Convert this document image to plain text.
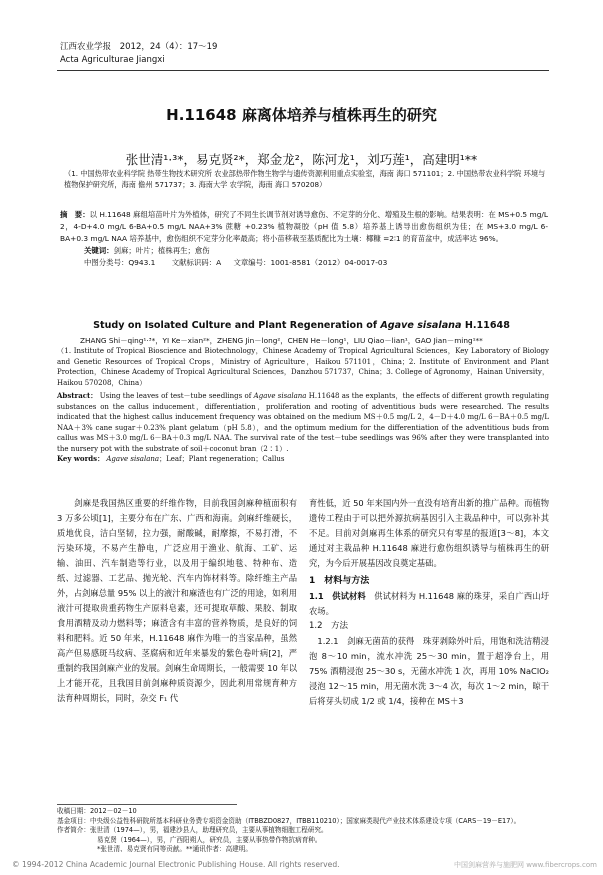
江西农业学报 2012，24（4）：17～19
Acta Agriculturae Jiangxi
H.11648 麻离体培养与植株再生的研究
张世清¹·³*，易克贤²*，郑金龙²，陈河龙¹，刘巧莲¹，高建明¹**
（1. 中国热带农业科学院 热带生物技术研究所 农业部热带作物生物学与遗传资源利用重点实验室，海南 海口 571101；2. 中国热带农业科学院 环境与植物保护研究所，海南 儋州 571737；3. 海南大学 农学院，海南 海口 570208）

摘　要：以 H.11648 麻组培苗叶片为外植体，研究了不同生长调节剂对诱导愈伤、不定芽的分化、增殖及生根的影响。结果表明：在 MS+0.5 mg/L 2，4-D+4.0 mg/L 6-BA+0.5 mg/L NAA+3% 蔗糖 +0.23% 植物凝胶（pH 值 5.8）培养基上诱导出愈伤组织为佳；在 MS+3.0 mg/L 6-BA+0.3 mg/L NAA 培养基中，愈伤组织不定芽分化率最高；将小苗移栽至基质配比为土壤：椰糠 =2∶1 的育苗盆中，成活率达 96%。

关键词：剑麻；叶片；植株再生；愈伤

中图分类号：Q943.1 文献标识码：A 文章编号：1001-8581（2012）04-0017-03

Study on Isolated Culture and Plant Regeneration of Agave sisalana H.11648
ZHANG Shi－qing¹·³*，YI Ke－xian²*，ZHENG Jin－long²，CHEN He－long¹，LIU Qiao－lian¹，GAO Jian－ming¹**
（1. Institute of Tropical Bioscience and Biotechnology，Chinese Academy of Tropical Agricultural Sciences，Key Laboratory of Biology and Genetic Resources of Tropical Crops，Ministry of Agriculture，Haikou 571101，China；2. Institute of Environment and Plant Protection，Chinese Academy of Tropical Agricultural Sciences，Danzhou 571737，China；3. College of Agronomy，Hainan University，Haikou 570208，China）

Abstract： Using the leaves of test－tube seedlings of Agave sisalana H.11648 as the explants，the effects of different growth regulating substances on the callus inducement，differentiation，proliferation and rooting of adventitious buds were researched. The results indicated that the highest callus inducement frequency was obtained on the medium MS＋0.5 mg/L 2，4－D＋4.0 mg/L 6－BA＋0.5 mg/L NAA＋3% cane sugar＋0.23% plant gelatum（pH 5.8），and the optimum medium for the differentiation of the adventitious buds from callus was MS＋3.0 mg/L 6－BA＋0.3 mg/L NAA. The survival rate of the test－tube seedlings was 96% after they were transplanted into the nursery pot with the substrate of soil＋coconut bran（2∶1）.

Key words： Agave sisalana；Leaf；Plant regeneration；Callus

　　剑麻是我国热区重要的纤维作物，目前我国剑麻种植面积有 3 万多公顷[1]，主要分布在广东、广西和海南。剑麻纤维硬长，质地优良，洁白坚韧，拉力强，耐酸碱，耐摩擦，不易打滑，不污染环境，不易产生静电，广泛应用于渔业、航海、工矿、运输、油田、汽车制造等行业，以及用于编织地毯、特种布、造纸、过滤器、工艺品、抛光轮、汽车内饰材料等。除纤维主产品外，占剑麻总量 95% 以上的液汁和麻渣也有广泛的用途，如利用液汁可提取贵重药物生产原料皂素，还可提取草酸、果胶、制取食用酒精及动力燃料等；麻渣含有丰富的营养物质，是良好的饲料和肥料。近 50 年来，H.11648 麻作为唯一的当家品种，虽然高产但易感斑马纹病、茎腐病和近年来暴发的紫色卷叶病[2]，严重制约我国剑麻产业的发展。剑麻生命周期长，一般需要 10 年以上才能开花，且我国目前剑麻种质资源少，因此利用常规育种方法育种周期长，同时，杂交 F₁ 代

育性低，近 50 年来国内外一直没有培育出新的推广品种。而植物遗传工程由于可以把外源抗病基因引入主栽品种中，可以弥补其不足。目前对剑麻再生体系的研究只有零星的报道[3～8]，本文通过对主栽品种 H.11648 麻进行愈伤组织诱导与植株再生的研究，为今后开展基因改良奠定基础。

1　材料与方法

1.1　供试材料　 供试材料为 H.11648 麻的珠芽，采自广西山圩农场。

1.2　方法

　1.2.1　剑麻无菌苗的获得　 珠芽剥除外叶后，用饱和洗洁精浸泡 8～10 min，流水冲洗 25～30 min，置于超净台上，用 75% 酒精浸泡 25～30 s，无菌水冲洗 1 次，再用 10% NaClO₂ 浸泡 12～15 min，用无菌水洗 3～4 次，每次 1～2 min，晾干后将芽头切成 1/2 或 1/4，接种在 MS＋3

收稿日期：2012－02－10

基金项目：中央级公益性科研院所基本科研业务费专项资金资助（ITBBZD0827，ITBB110210）；国家麻类现代产业技术体系建设专项（CARS－19－E17）。

作者简介：张世清（1974—），男，福建沙县人，助理研究员，主要从事植物细胞工程研究。

易克贤（1964—），男，广西阳朔人，研究员，主要从事热带作物抗病育种。

*张世清、易克贤有同等贡献。**通讯作者：高建明。

© 1994-2012 China Academic Journal Electronic Publishing House. All rights reserved.	中国剑麻营养与施肥网 www.fibercrops.com
